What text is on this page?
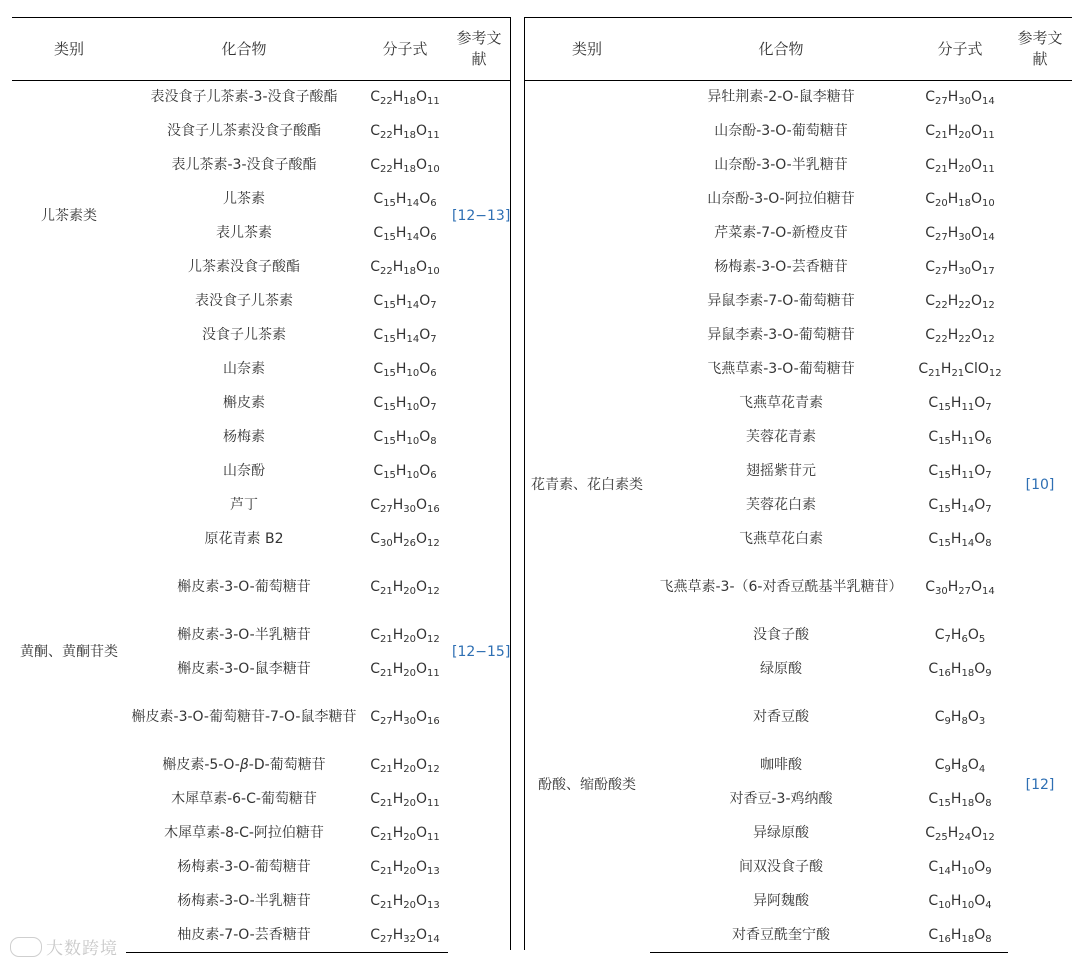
类别	化合物	分子式	参考文献
儿茶素类	表没食子儿茶素-3-没食子酸酯	$C_{22}H_{18}O_{11}$	[12−13]
	没食子儿茶素没食子酸酯	$C_{22}H_{18}O_{11}$
	表儿茶素-3-没食子酸酯	$C_{22}H_{18}O_{10}$
	儿茶素	$C_{15}H_{14}O_6$
	表儿茶素	$C_{15}H_{14}O_6$
	儿茶素没食子酸酯	$C_{22}H_{18}O_{10}$
	表没食子儿茶素	$C_{15}H_{14}O_7$
	没食子儿茶素	$C_{15}H_{14}O_7$
黄酮、黄酮苷类	山奈素	$C_{15}H_{10}O_6$	[12−15]
	槲皮素	$C_{15}H_{10}O_7$
	杨梅素	$C_{15}H_{10}O_8$
	山奈酚	$C_{15}H_{10}O_6$
	芦丁	$C_{27}H_{30}O_{16}$
	原花青素 B2	$C_{30}H_{26}O_{12}$
	槲皮素-3-O-葡萄糖苷	$C_{21}H_{20}O_{12}$
	槲皮素-3-O-半乳糖苷	$C_{21}H_{20}O_{12}$
	槲皮素-3-O-鼠李糖苷	$C_{21}H_{20}O_{11}$
	槲皮素-3-O-葡萄糖苷-7-O-鼠李糖苷	$C_{27}H_{30}O_{16}$
	槲皮素-5-O-β-D-葡萄糖苷	$C_{21}H_{20}O_{12}$
	木犀草素-6-C-葡萄糖苷	$C_{21}H_{20}O_{11}$
	木犀草素-8-C-阿拉伯糖苷	$C_{21}H_{20}O_{11}$
	杨梅素-3-O-葡萄糖苷	$C_{21}H_{20}O_{13}$
	杨梅素-3-O-半乳糖苷	$C_{21}H_{20}O_{13}$
	柚皮素-7-O-芸香糖苷	$C_{27}H_{32}O_{14}$
类别	化合物	分子式	参考文献
	异牡荆素-2-O-鼠李糖苷	$C_{27}H_{30}O_{14}$	
	山奈酚-3-O-葡萄糖苷	$C_{21}H_{20}O_{11}$
	山奈酚-3-O-半乳糖苷	$C_{21}H_{20}O_{11}$
	山奈酚-3-O-阿拉伯糖苷	$C_{20}H_{18}O_{10}$
	芹菜素-7-O-新橙皮苷	$C_{27}H_{30}O_{14}$
	杨梅素-3-O-芸香糖苷	$C_{27}H_{30}O_{17}$
	异鼠李素-7-O-葡萄糖苷	$C_{22}H_{22}O_{12}$
	异鼠李素-3-O-葡萄糖苷	$C_{22}H_{22}O_{12}$
花青素、花白素类	飞燕草素-3-O-葡萄糖苷	$C_{21}H_{21}ClO_{12}$	[10]
	飞燕草花青素	$C_{15}H_{11}O_7$
	芙蓉花青素	$C_{15}H_{11}O_6$
	翅摇紫苷元	$C_{15}H_{11}O_7$
	芙蓉花白素	$C_{15}H_{14}O_7$
	飞燕草花白素	$C_{15}H_{14}O_8$
	飞燕草素-3-（6-对香豆酰基半乳糖苷）	$C_{30}H_{27}O_{14}$
酚酸、缩酚酸类	没食子酸	$C_7H_6O_5$	[12]
	绿原酸	$C_{16}H_{18}O_9$
	对香豆酸	$C_9H_8O_3$
	咖啡酸	$C_9H_8O_4$
	对香豆-3-鸡纳酸	$C_{15}H_{18}O_8$
	异绿原酸	$C_{25}H_{24}O_{12}$
	间双没食子酸	$C_{14}H_{10}O_9$
	异阿魏酸	$C_{10}H_{10}O_4$
	对香豆酰奎宁酸	$C_{16}H_{18}O_8$
大数跨境
